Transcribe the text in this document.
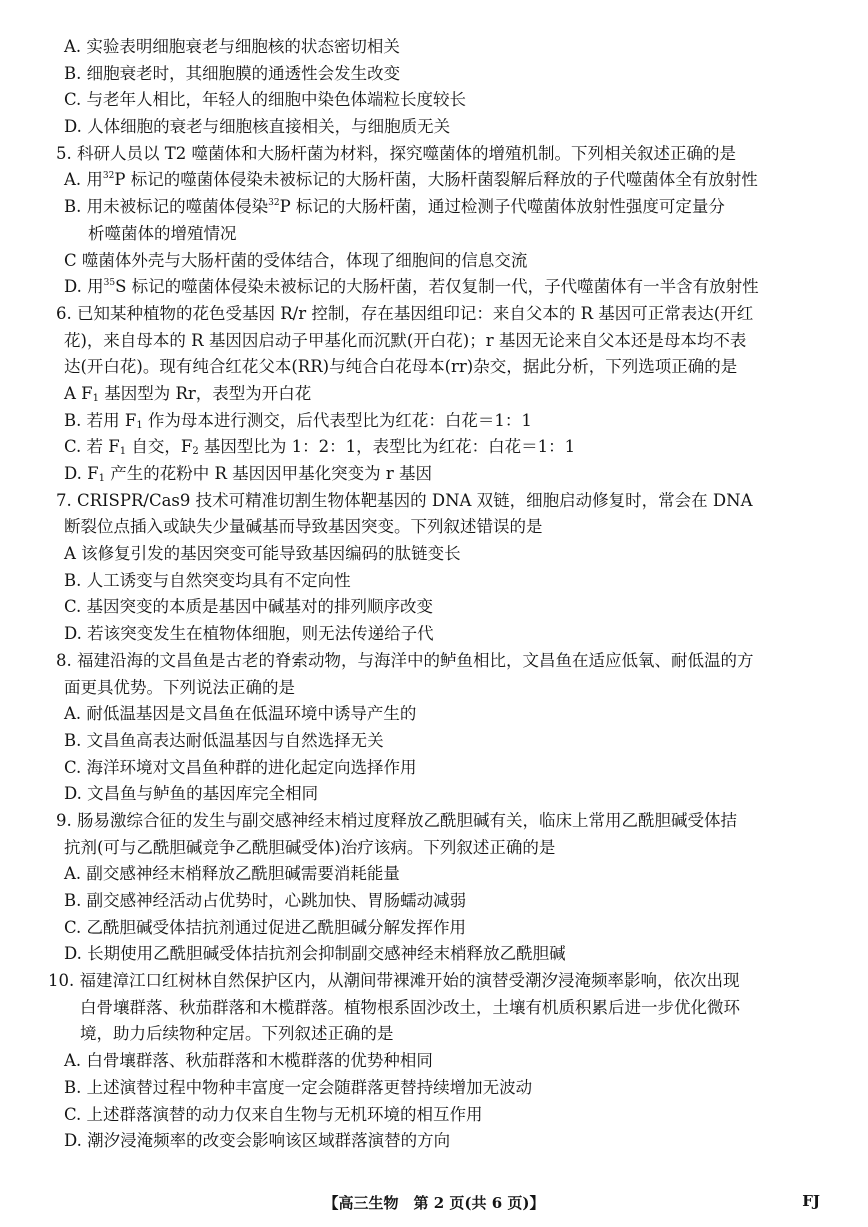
A. 实验表明细胞衰老与细胞核的状态密切相关
B. 细胞衰老时，其细胞膜的通透性会发生改变
C. 与老年人相比，年轻人的细胞中染色体端粒长度较长
D. 人体细胞的衰老与细胞核直接相关，与细胞质无关
5. 科研人员以 T2 噬菌体和大肠杆菌为材料，探究噬菌体的增殖机制。下列相关叙述正确的是
A. 用$^{32}$P 标记的噬菌体侵染未被标记的大肠杆菌，大肠杆菌裂解后释放的子代噬菌体全有放射性
B. 用未被标记的噬菌体侵染$^{32}$P 标记的大肠杆菌，通过检测子代噬菌体放射性强度可定量分
析噬菌体的增殖情况
C 噬菌体外壳与大肠杆菌的受体结合，体现了细胞间的信息交流
D. 用$^{35}$S 标记的噬菌体侵染未被标记的大肠杆菌，若仅复制一代，子代噬菌体有一半含有放射性
6. 已知某种植物的花色受基因 R/r 控制，存在基因组印记：来自父本的 R 基因可正常表达(开红
花)，来自母本的 R 基因因启动子甲基化而沉默(开白花)；r 基因无论来自父本还是母本均不表
达(开白花)。现有纯合红花父本(RR)与纯合白花母本(rr)杂交，据此分析，下列选项正确的是
A $F_1$ 基因型为 Rr，表型为开白花
B. 若用 $F_1$ 作为母本进行测交，后代表型比为红花：白花＝1：1
C. 若 $F_1$ 自交，$F_2$ 基因型比为 1：2：1，表型比为红花：白花＝1：1
D. $F_1$ 产生的花粉中 R 基因因甲基化突变为 r 基因
7. CRISPR/Cas9 技术可精准切割生物体靶基因的 DNA 双链，细胞启动修复时，常会在 DNA
断裂位点插入或缺失少量碱基而导致基因突变。下列叙述错误的是
A 该修复引发的基因突变可能导致基因编码的肽链变长
B. 人工诱变与自然突变均具有不定向性
C. 基因突变的本质是基因中碱基对的排列顺序改变
D. 若该突变发生在植物体细胞，则无法传递给子代
8. 福建沿海的文昌鱼是古老的脊索动物，与海洋中的鲈鱼相比，文昌鱼在适应低氧、耐低温的方
面更具优势。下列说法正确的是
A. 耐低温基因是文昌鱼在低温环境中诱导产生的
B. 文昌鱼高表达耐低温基因与自然选择无关
C. 海洋环境对文昌鱼种群的进化起定向选择作用
D. 文昌鱼与鲈鱼的基因库完全相同
9. 肠易激综合征的发生与副交感神经末梢过度释放乙酰胆碱有关，临床上常用乙酰胆碱受体拮
抗剂(可与乙酰胆碱竞争乙酰胆碱受体)治疗该病。下列叙述正确的是
A. 副交感神经末梢释放乙酰胆碱需要消耗能量
B. 副交感神经活动占优势时，心跳加快、胃肠蠕动减弱
C. 乙酰胆碱受体拮抗剂通过促进乙酰胆碱分解发挥作用
D. 长期使用乙酰胆碱受体拮抗剂会抑制副交感神经末梢释放乙酰胆碱
10. 福建漳江口红树林自然保护区内，从潮间带裸滩开始的演替受潮汐浸淹频率影响，依次出现
白骨壤群落、秋茄群落和木榄群落。植物根系固沙改土，土壤有机质积累后进一步优化微环
境，助力后续物种定居。下列叙述正确的是
A. 白骨壤群落、秋茄群落和木榄群落的优势种相同
B. 上述演替过程中物种丰富度一定会随群落更替持续增加无波动
C. 上述群落演替的动力仅来自生物与无机环境的相互作用
D. 潮汐浸淹频率的改变会影响该区域群落演替的方向
【高三生物　第 2 页(共 6 页)】	FJ
